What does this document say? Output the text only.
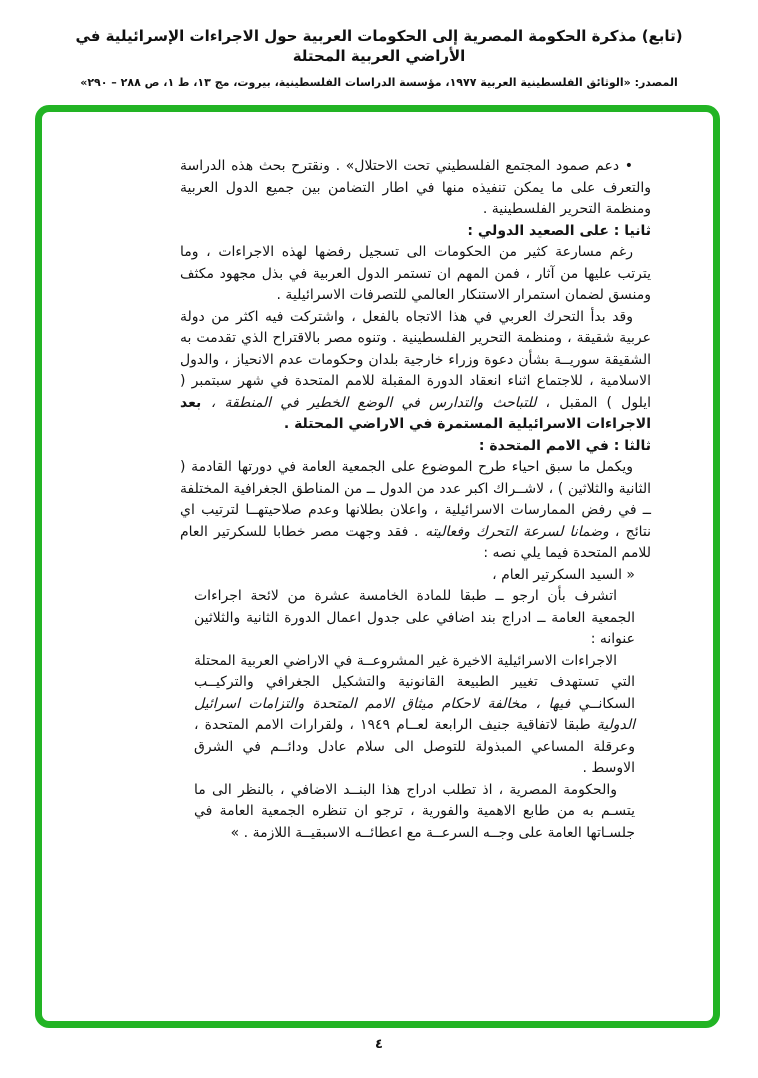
(تابع) مذكرة الحكومة المصرية إلى الحكومات العربية حول الاجراءات الإسرائيلية في الأراضي العربية المحتلة
المصدر: «الوثائق الفلسطينية العربية ١٩٧٧، مؤسسة الدراسات الفلسطينية، بيروت، مج ١٣، ط ١، ص ٢٨٨ – ٢٩٠»

• دعم صمود المجتمع الفلسطيني تحت الاحتلال» . ونقترح بحث هذه الدراسة والتعرف على ما يمكن تنفيذه منها في اطار التضامن بين جميع الدول العربية ومنظمة التحرير الفلسطينية .

ثانيا : على الصعيد الدولي :

رغم مسارعة كثير من الحكومات الى تسجيل رفضها لهذه الاجراءات ، وما يترتب عليها من آثار ، فمن المهم ان تستمر الدول العربية في بذل مجهود مكثف ومنسق لضمان استمرار الاستنكار العالمي للتصرفات الاسرائيلية .

وقد بدأ التحرك العربي في هذا الاتجاه بالفعل ، واشتركت فيه اكثر من دولة عربية شقيقة ، ومنظمة التحرير الفلسطينية . وتنوه مصر بالاقتراح الذي تقدمت به الشقيقة سوريــة بشأن دعوة وزراء خارجية بلدان وحكومات عدم الانحياز ، والدول الاسلامية ، للاجتماع اثناء انعقاد الدورة المقبلة للامم المتحدة في شهر سبتمبر ( ايلول ) المقبل ، للتباحث والتدارس في الوضع الخطير في المنطقة ، بعد الاجراءات الاسرائيلية المستمرة في الاراضي المحتلة .

ثالثا : في الامم المتحدة :

ويكمل ما سبق احياء طرح الموضوع على الجمعية العامة في دورتها القادمة ( الثانية والثلاثين ) ، لاشــراك اكبر عدد من الدول ــ من المناطق الجغرافية المختلفة ــ في رفض الممارسات الاسرائيلية ، واعلان بطلانها وعدم صلاحيتهــا لترتيب اي نتائج ، وضمانا لسرعة التحرك وفعاليته . فقد وجهت مصر خطابا للسكرتير العام للامم المتحدة فيما يلي نصه :

« السيد السكرتير العام ،

اتشرف بأن ارجو ــ طبقا للمادة الخامسة عشرة من لائحة اجراءات الجمعية العامة ــ ادراج بند اضافي على جدول اعمال الدورة الثانية والثلاثين عنوانه :

الاجراءات الاسرائيلية الاخيرة غير المشروعــة في الاراضي العربية المحتلة التي تستهدف تغيير الطبيعة القانونية والتشكيل الجغرافي والتركيــب السكانــي فيها ، مخالفة لاحكام ميثاق الامم المتحدة والتزامات اسرائيل الدولية طبقا لاتفاقية جنيف الرابعة لعــام ١٩٤٩ ، ولقرارات الامم المتحدة ، وعرقلة المساعي المبذولة للتوصل الى سلام عادل ودائــم في الشرق الاوسط .

والحكومة المصرية ، اذ تطلب ادراج هذا البنــد الاضافي ، بالنظر الى ما يتسـم به من طابع الاهمية والفورية ، ترجو ان تنظره الجمعية العامة في جلسـاتها العامة على وجــه السرعــة مع اعطائــه الاسبقيــة اللازمة . »

٤
